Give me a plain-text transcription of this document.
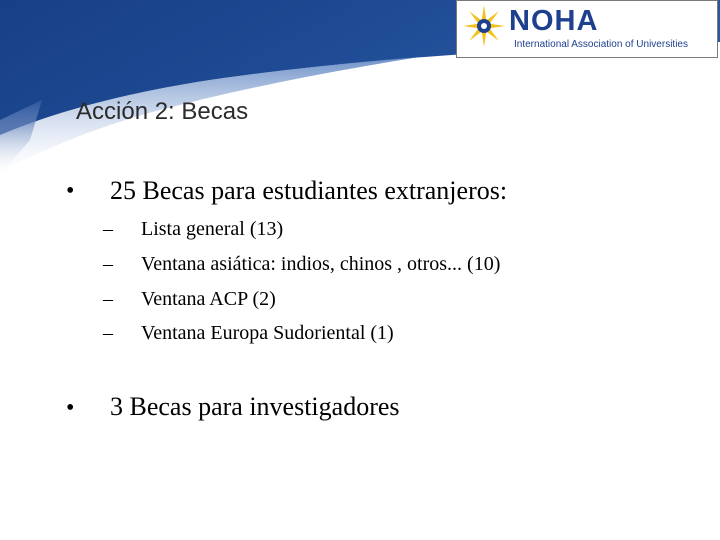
NOHA
International Association of Universities
Acción 2: Becas
• 25 Becas para estudiantes extranjeros:
– Lista general (13)
– Ventana asiática: indios, chinos , otros... (10)
– Ventana ACP (2)
– Ventana Europa Sudoriental (1)
• 3 Becas para investigadores
